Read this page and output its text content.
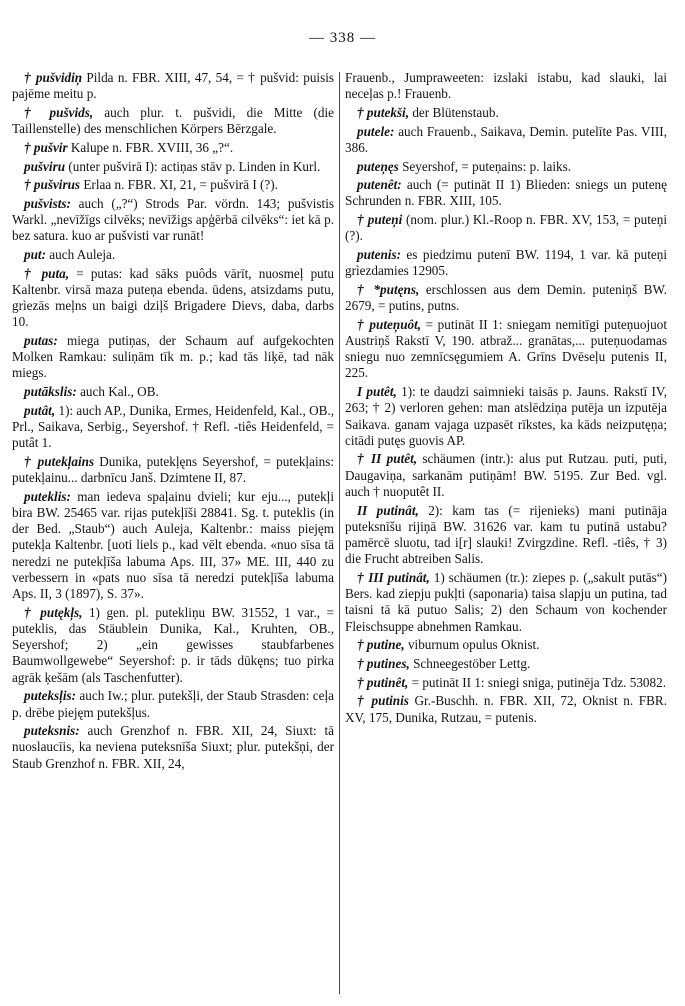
— 338 —

† pušvidiņ Pilda n. FBR. XIII, 47, 54, = † pušvid: puisis pajēme meitu p.

† pušvids, auch plur. t. pušvidi, die Mitte (die Taillenstelle) des menschlichen Körpers Bērzgale.

† pušvir Kalupe n. FBR. XVIII, 36 „?“.

pušviru (unter pušvirā I): actiņas stāv p. Linden in Kurl.

† pušvirus Erlaa n. FBR. XI, 21, = pušvirā I (?).

pušvists: auch („?“) Strods Par. vördn. 143; pušvistis Warkl. „nevīžīgs cilvēks; nevīžigs apģērbā cilvēks“: iet kā p. bez satura. kuo ar pušvisti var runāt!

put: auch Auleja.

† puta, = putas: kad sāks puôds vārīt, nuosmeļ putu Kaltenbr. virsā maza puteņa ebenda. ūdens, atsizdams putu, grìezās meļns un baigi dziļš Brigadere Dievs, daba, darbs 10.

putas: miega putiņas, der Schaum auf aufgekochten Molken Ramkau: suliņām tīk m. p.; kad tās liķē, tad nāk miegs.

putākslis: auch Kal., OB.

putât, 1): auch AP., Dunika, Ermes, Heidenfeld, Kal., OB., Prl., Saikava, Serbig., Seyershof. † Refl. -tiês Heidenfeld, = putât 1.

† putekļains Dunika, putekļęns Seyershof, = putekļains: putekļainu... darbnīcu Janš. Dzimtene II, 87.

puteklis: man iedeva spaļainu dvieli; kur eju..., putekļi bira BW. 25465 var. rijas putekļīši 28841. Sg. t. puteklis (in der Bed. „Staub“) auch Auleja, Kaltenbr.: maiss piejęm putekļa Kaltenbr. [uoti liels p., kad vēlt ebenda. «nuo sīsa tā neredzi ne putekļīša labuma Aps. III, 37» ME. III, 440 zu verbessern in «pats nuo sīsa tā neredzi putekļīša labuma Aps. II, 3 (1897), S. 37».

† putękļs, 1) gen. pl. putekliņu BW. 31552, 1 var., = puteklis, das Stäublein Dunika, Kal., Kruhten, OB., Seyershof; 2) „ein gewisses staubfarbenes Baumwollgewebe“ Seyershof: p. ir tāds dūkęns; tuo pirka agrāk ķešām (als Taschenfutter).

puteksl̦is: auch Iw.; plur. putekšļi, der Staub Strasden: ceļa p. drēbe piejęm putekšļus.

puteksnis: auch Grenzhof n. FBR. XII, 24, Siuxt: tā nuoslaucīis, ka neviena puteksnīša Siuxt; plur. putekšņi, der Staub Grenzhof n. FBR. XII, 24,

Frauenb., Jumpraweeten: izslaki istabu, kad slauki, lai neceļas p.! Frauenb.

† putekši, der Blütenstaub.

putele: auch Frauenb., Saikava, Demin. putelīte Pas. VIII, 386.

puteņęs Seyershof, = puteņains: p. laiks.

putenêt: auch (= putināt II 1) Blieden: sniegs un putenę Schrunden n. FBR. XIII, 105.

† puteņi (nom. plur.) Kl.-Roop n. FBR. XV, 153, = puteņi (?).

putenis: es piedzimu putenī BW. 1194, 1 var. kā puteņi grìezdamies 12905.

† *putęns, erschlossen aus dem Demin. puteniņš BW. 2679, = putins, putns.

† puteņuôt, = putināt II 1: sniegam nemitīgi puteņuojuot Austriņš Rakstī V, 190. atbraž... granātas,... puteņuodamas sniegu nuo zemnīcsęgumiem A. Grīns Dvēseļu putenis II, 225.

I putêt, 1): te daudzi saimnieki taisās p. Jauns. Rakstī IV, 263; † 2) verloren gehen: man atslēdziņa putēja un izputēja Saikava. ganam vajaga uzpasēt rīkstes, ka kāds neizputęņa; citādi putęs guovis AP.

† II putêt, schäumen (intr.): alus put Rutzau. puti, puti, Daugaviņa, sarkanām putiņām! BW. 5195. Zur Bed. vgl. auch † nuoputêt II.

II putinât, 2): kam tas (= rijenieks) mani putināja puteksnīšu rijiņā BW. 31626 var. kam tu putinā ustabu? pamērcē sluotu, tad i[r] slauki! Zvirgzdine. Refl. -tiês, † 3) die Frucht abtreiben Salis.

† III putinât, 1) schäumen (tr.): ziepes p. („sakult putās“) Bers. kad ziepju pukļti (saponaria) taisa slapju un putina, tad taisni tā kā putuo Salis; 2) den Schaum von kochender Fleischsuppe abnehmen Ramkau.

† putine, viburnum opulus Oknist.

† putines, Schneegestöber Lettg.

† putinêt, = putināt II 1: sniegi sniga, putinēja Tdz. 53082.

† putinis Gr.-Buschh. n. FBR. XII, 72, Oknist n. FBR. XV, 175, Dunika, Rutzau, = putenis.
